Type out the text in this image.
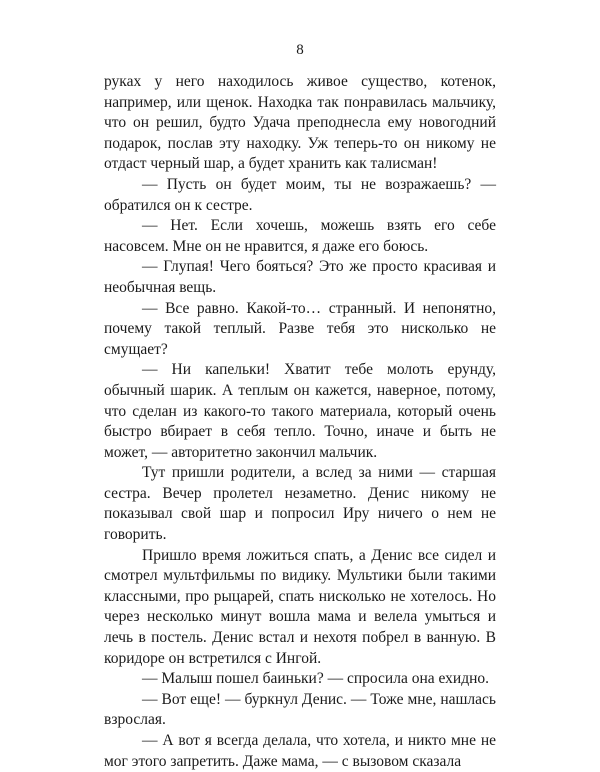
8

руках у него находилось живое существо, котенок, например, или щенок. Находка так понравилась мальчику, что он решил, будто Удача преподнесла ему новогодний подарок, послав эту находку. Уж теперь-то он никому не отдаст черный шар, а будет хранить как талисман!

— Пусть он будет моим, ты не возражаешь? — обратился он к сестре.

— Нет. Если хочешь, можешь взять его себе насовсем. Мне он не нравится, я даже его боюсь.

— Глупая! Чего бояться? Это же просто красивая и необычная вещь.

— Все равно. Какой-то… странный. И непонятно, почему такой теплый. Разве тебя это нисколько не смущает?

— Ни капельки! Хватит тебе молоть ерунду, обычный шарик. А теплым он кажется, наверное, потому, что сделан из какого-то такого материала, который очень быстро вбирает в себя тепло. Точно, иначе и быть не может, — авторитетно закончил мальчик.

Тут пришли родители, а вслед за ними — старшая сестра. Вечер пролетел незаметно. Денис никому не показывал свой шар и попросил Иру ничего о нем не говорить.

Пришло время ложиться спать, а Денис все сидел и смотрел мультфильмы по видику. Мультики были такими классными, про рыцарей, спать нисколько не хотелось. Но через несколько минут вошла мама и велела умыться и лечь в постель. Денис встал и нехотя побрел в ванную. В коридоре он встретился с Ингой.

— Малыш пошел баиньки? — спросила она ехидно.

— Вот еще! — буркнул Денис. — Тоже мне, нашлась взрослая.

— А вот я всегда делала, что хотела, и никто мне не мог этого запретить. Даже мама, — с вызовом сказала
